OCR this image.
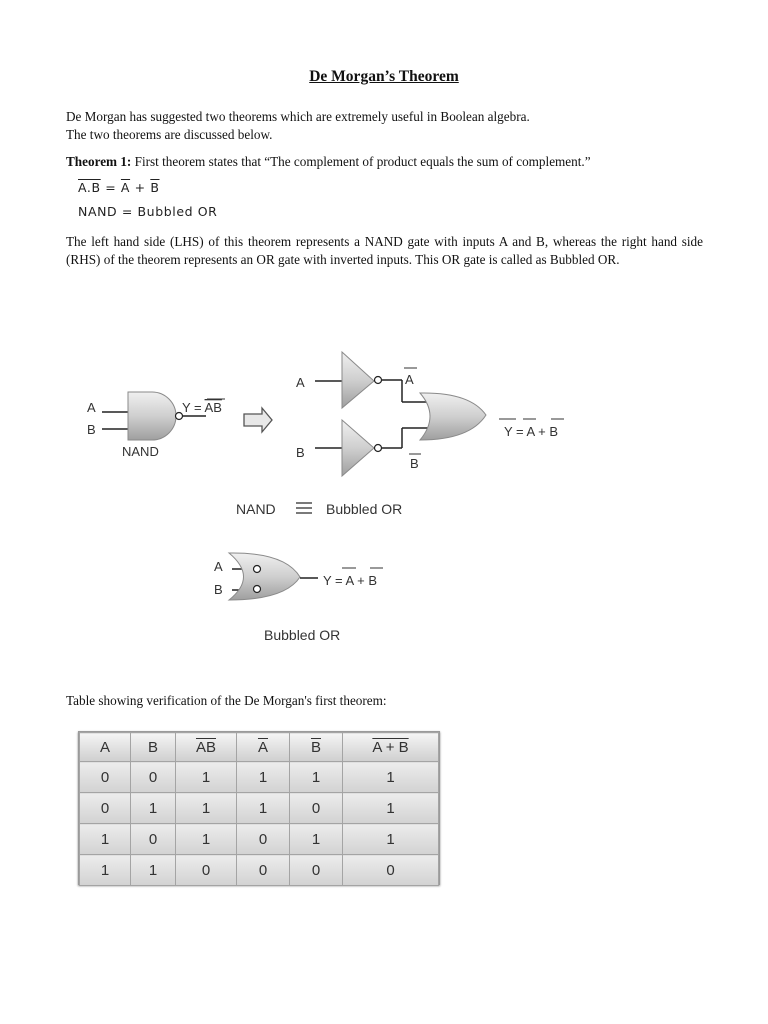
De Morgan’s Theorem
De Morgan has suggested two theorems which are extremely useful in Boolean algebra.
The two theorems are discussed below.
Theorem 1: First theorem states that “The complement of product equals the sum of complement.”
$A.B = \overline{A} + \overline{B}$
NAND = Bubbled OR
The left hand side (LHS) of this theorem represents a NAND gate with inputs A and B, whereas the right hand side (RHS) of the theorem represents an OR gate with inverted inputs. This OR gate is called as Bubbled OR.
A
B
Y = AB
NAND
A	A
B
B
Y = A + B
NAND	Bubbled OR
A
B
Y = A + B
Bubbled OR
Table showing verification of the De Morgan's first theorem:
A	B	$\overline{AB}$	$\overline{A}$	$\overline{B}$	A + B
0	0	1	1	1	1
0	1	1	1	0	1
1	0	1	0	1	1
1	1	0	0	0	0
